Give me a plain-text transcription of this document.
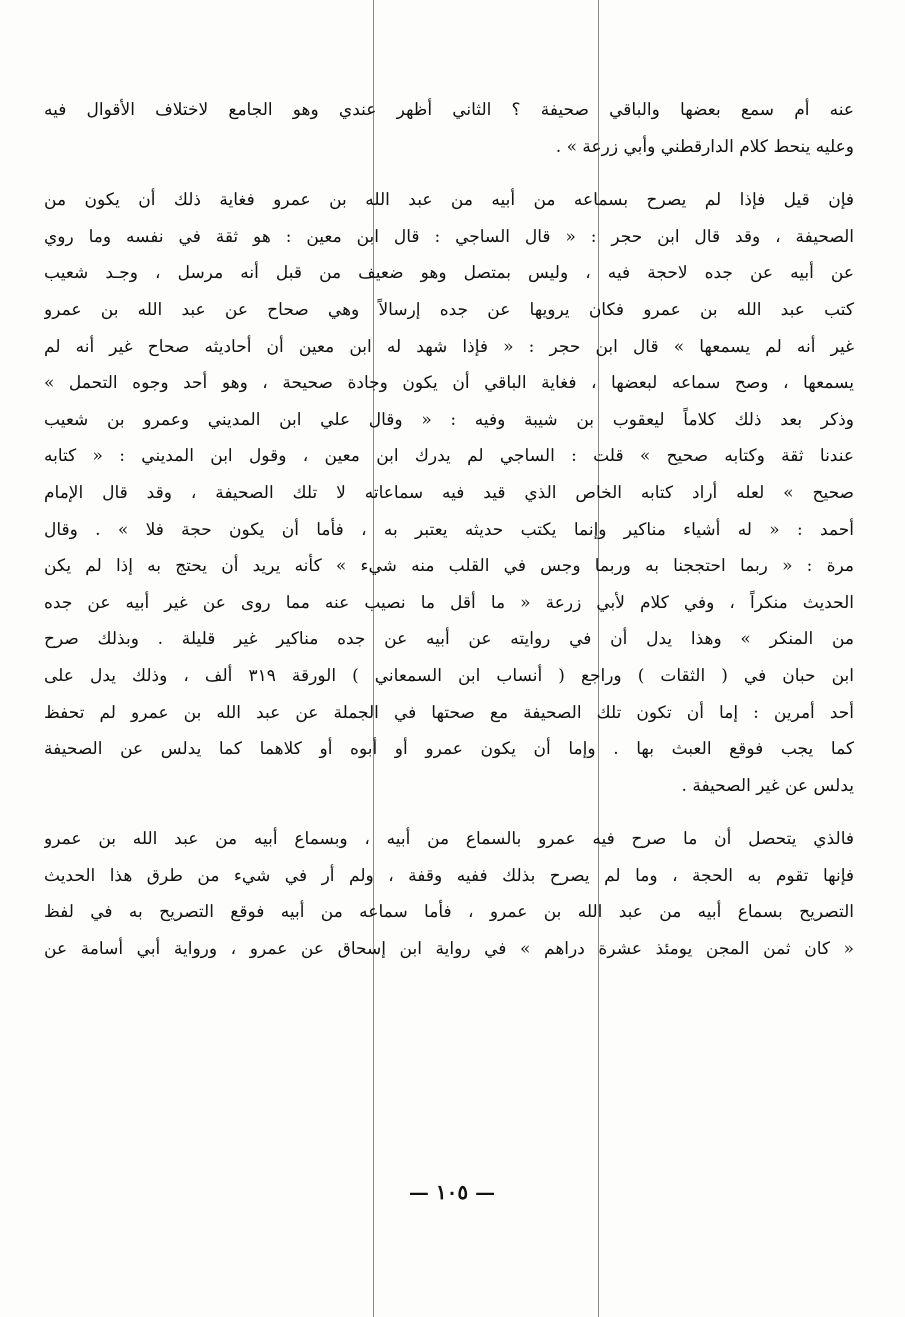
عنه أم سمع بعضها والباقي صحيفة ؟ الثاني أظهر عندي وهو الجامع لاختلاف الأقوال فيه
وعليه ينحط كلام الدارقطني وأبي زرعة » .
فإن قيل فإذا لم يصرح بسماعه من أبيه من عبد الله بن عمرو فغاية ذلك أن يكون من
الصحيفة ، وقد قال ابن حجر : « قال الساجي : قال ابن معين : هو ثقة في نفسه وما روي
عن أبيه عن جده لاحجة فيه ، وليس بمتصل وهو ضعيف من قبل أنه مرسل ، وجـد شعيب
كتب عبد الله بن عمرو فكان يرويها عن جده إرسالاً وهي صحاح عن عبد الله بن عمرو
غير أنه لم يسمعها » قال ابن حجر : « فإذا شهد له ابن معين أن أحاديثه صحاح غير أنه لم
يسمعها ، وصح سماعه لبعضها ، فغاية الباقي أن يكون وجادة صحيحة ، وهو أحد وجوه التحمل »
وذكر بعد ذلك كلاماً ليعقوب بن شيبة وفيه : « وقال علي ابن المديني وعمرو بن شعيب
عندنا ثقة وكتابه صحيح » قلت : الساجي لم يدرك ابن معين ، وقول ابن المديني : « كتابه
صحيح » لعله أراد كتابه الخاص الذي قيد فيه سماعاته لا تلك الصحيفة ، وقد قال الإمام
أحمد : « له أشياء مناكير وإنما يكتب حديثه يعتبر به ، فأما أن يكون حجة فلا » . وقال
مرة : « ربما احتججنا به وربما وجس في القلب منه شيء » كأنه يريد أن يحتج به إذا لم يكن
الحديث منكراً ، وفي كلام لأبي زرعة « ما أقل ما نصيب عنه مما روى عن غير أبيه عن جده
من المنكر » وهذا يدل أن في روايته عن أبيه عن جده مناكير غير قليلة . وبذلك صرح
ابن حبان في ( الثقات ) وراجع ( أنساب ابن السمعاني ) الورقة ٣١٩ ألف ، وذلك يدل على
أحد أمرين : إما أن تكون تلك الصحيفة مع صحتها في الجملة عن عبد الله بن عمرو لم تحفظ
كما يجب فوقع العبث بها . وإما أن يكون عمرو أو أبوه أو كلاهما كما يدلس عن الصحيفة
يدلس عن غير الصحيفة .
فالذي يتحصل أن ما صرح فيه عمرو بالسماع من أبيه ، وبسماع أبيه من عبد الله بن عمرو
فإنها تقوم به الحجة ، وما لم يصرح بذلك ففيه وقفة ، ولم أر في شيء من طرق هذا الحديث
التصريح بسماع أبيه من عبد الله بن عمرو ، فأما سماعه من أبيه فوقع التصريح به في لفظ
« كان ثمن المجن يومئذ عشرة دراهم » في رواية ابن إسحاق عن عمرو ، ورواية أبي أسامة عن
— ١٠٥ —
